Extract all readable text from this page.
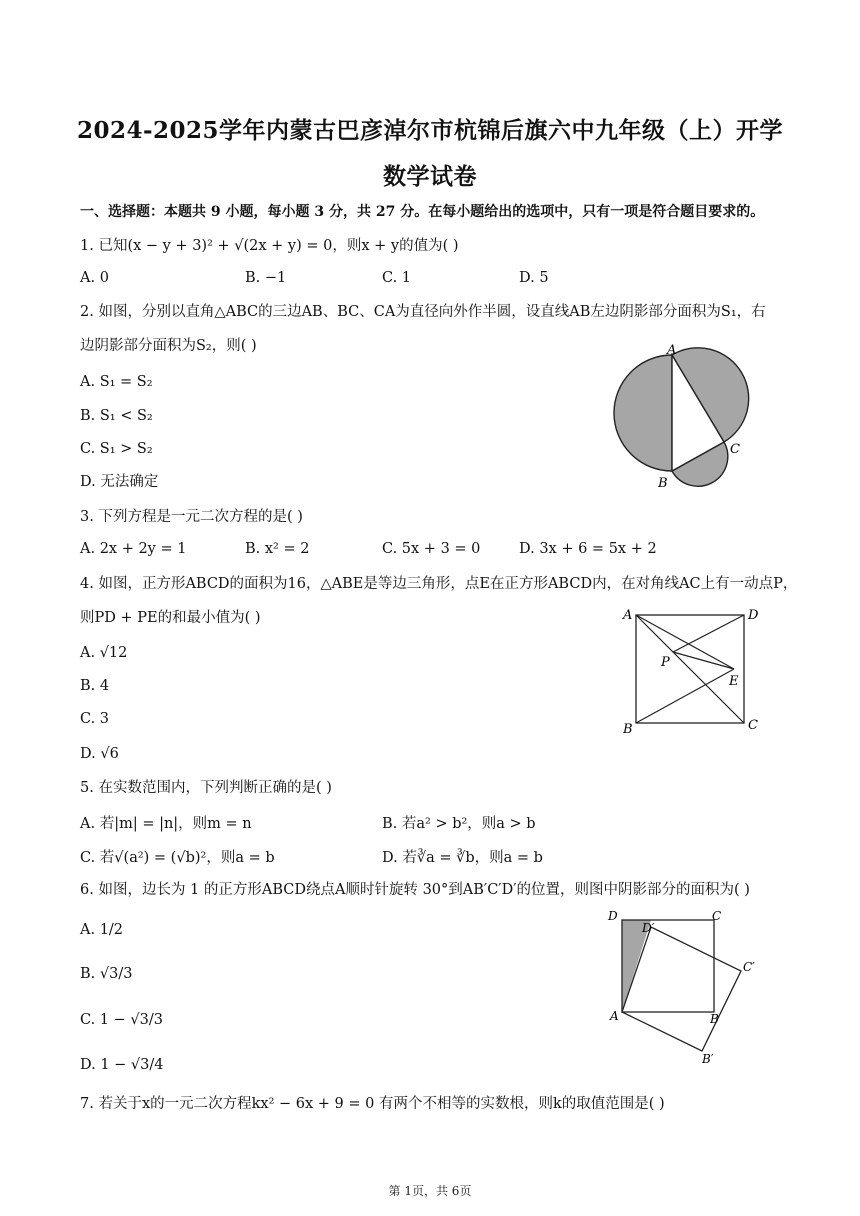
2024-2025学年内蒙古巴彦淖尔市杭锦后旗六中九年级（上）开学
数学试卷
一、选择题：本题共 9 小题，每小题 3 分，共 27 分。在每小题给出的选项中，只有一项是符合题目要求的。
1. 已知(x − y + 3)² + √(2x + y) = 0，则x + y的值为( )
A. 0	B. −1	C. 1	D. 5
2. 如图，分别以直角△ABC的三边AB、BC、CA为直径向外作半圆，设直线AB左边阴影部分面积为S₁，右
边阴影部分面积为S₂，则( )
A. S₁ = S₂
B. S₁ < S₂
C. S₁ > S₂
D. 无法确定
A
B
C
3. 下列方程是一元二次方程的是( )
A. 2x + 2y = 1	B. x² = 2	C. 5x + 3 = 0	D. 3x + 6 = 5x + 2
4. 如图，正方形ABCD的面积为16，△ABE是等边三角形，点E在正方形ABCD内，在对角线AC上有一动点P，
则PD + PE的和最小值为( )
A. √12
B. 4
C. 3
D. √6
A	D
B	C
P
E
5. 在实数范围内，下列判断正确的是( )
A. 若|m| = |n|，则m = n	B. 若a² > b²，则a > b
C. 若√(a²) = (√b)²，则a = b	D. 若∛a = ∛b，则a = b
6. 如图，边长为 1 的正方形ABCD绕点A顺时针旋转 30°到AB′C′D′的位置，则图中阴影部分的面积为( )
A. 1/2
B. √3/3
C. 1 − √3/3
D. 1 − √3/4
D	C
D′
C′
A	B
B′
7. 若关于x的一元二次方程kx² − 6x + 9 = 0 有两个不相等的实数根，则k的取值范围是( )
第 1页，共 6页
